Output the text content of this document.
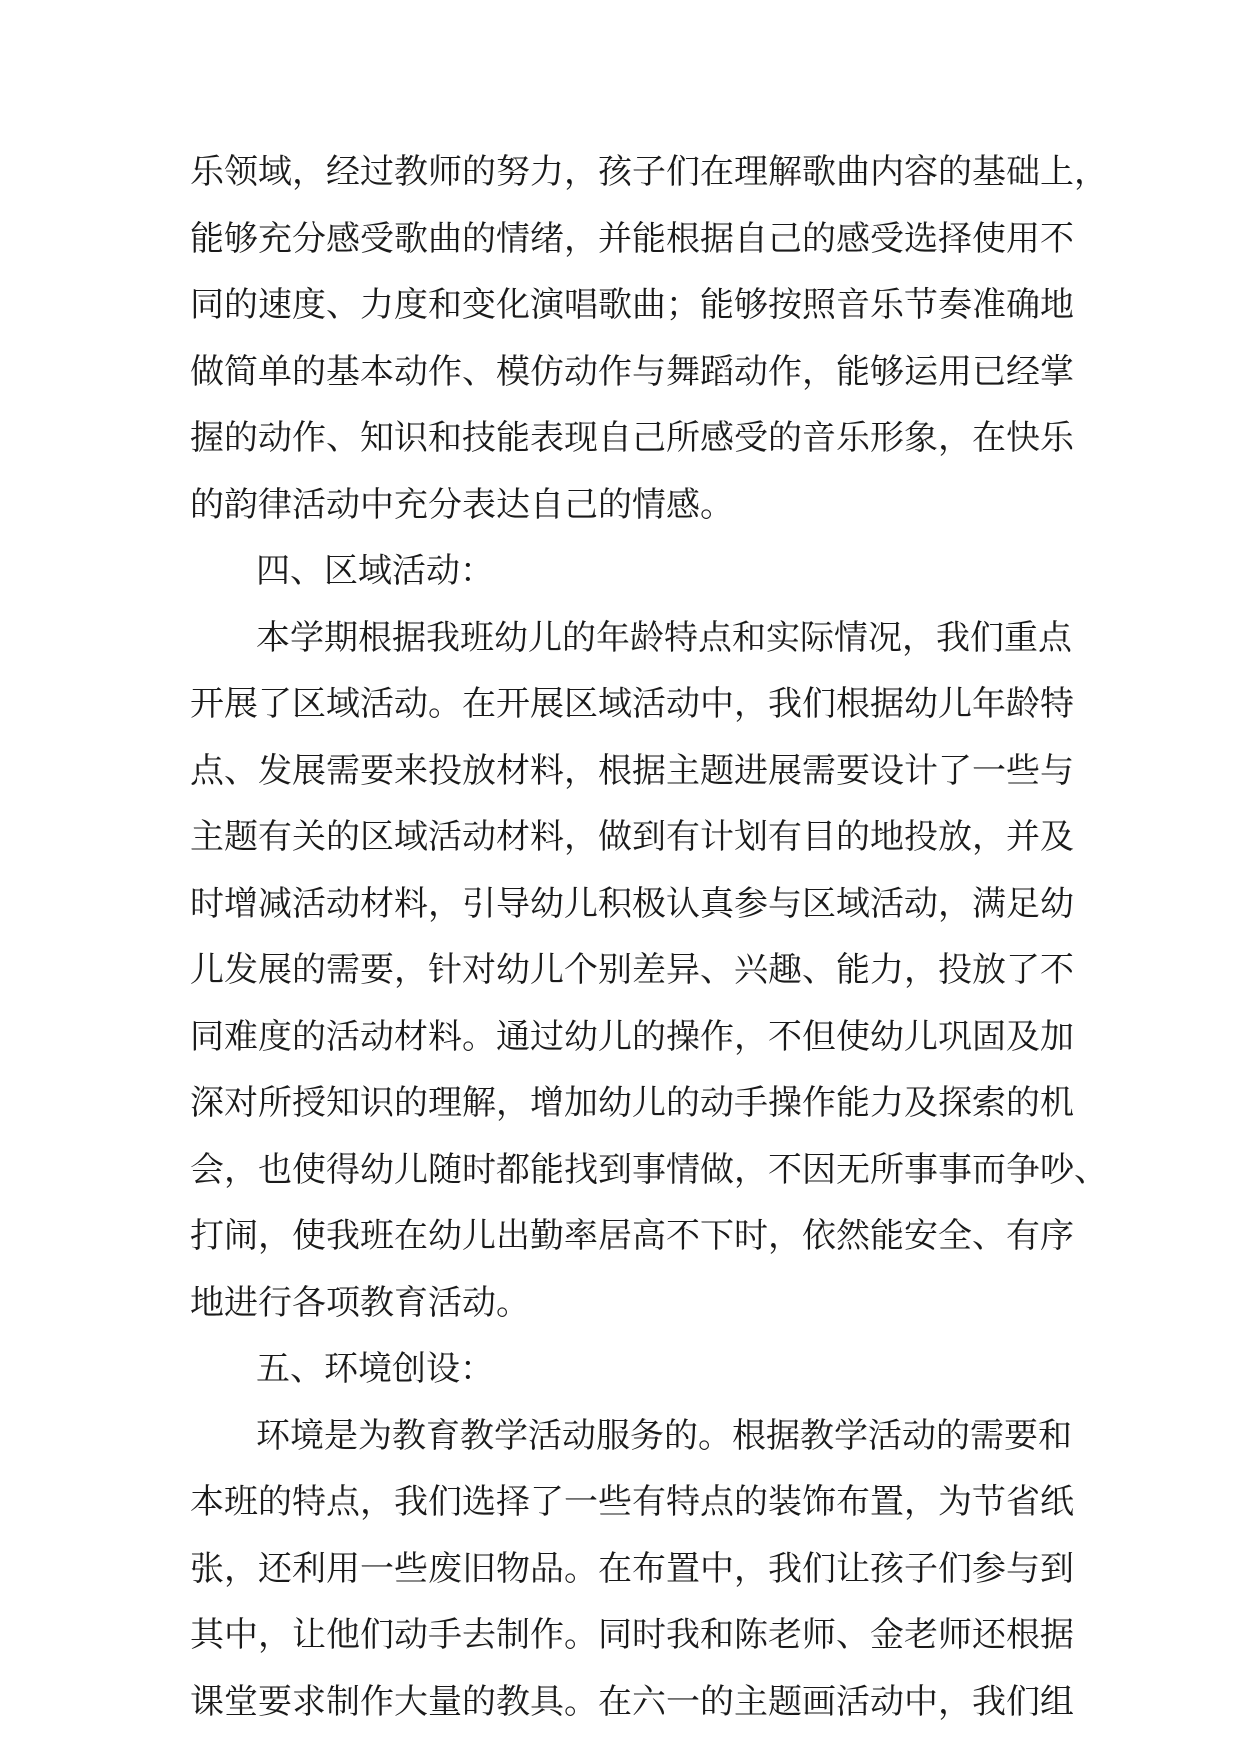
乐领域，经过教师的努力，孩子们在理解歌曲内容的基础上，
能够充分感受歌曲的情绪，并能根据自己的感受选择使用不
同的速度、力度和变化演唱歌曲；能够按照音乐节奏准确地
做简单的基本动作、模仿动作与舞蹈动作，能够运用已经掌
握的动作、知识和技能表现自己所感受的音乐形象，在快乐
的韵律活动中充分表达自己的情感。
四、区域活动：
本学期根据我班幼儿的年龄特点和实际情况，我们重点
开展了区域活动。在开展区域活动中，我们根据幼儿年龄特
点、发展需要来投放材料，根据主题进展需要设计了一些与
主题有关的区域活动材料，做到有计划有目的地投放，并及
时增减活动材料，引导幼儿积极认真参与区域活动，满足幼
儿发展的需要，针对幼儿个别差异、兴趣、能力，投放了不
同难度的活动材料。通过幼儿的操作，不但使幼儿巩固及加
深对所授知识的理解，增加幼儿的动手操作能力及探索的机
会，也使得幼儿随时都能找到事情做，不因无所事事而争吵、
打闹，使我班在幼儿出勤率居高不下时，依然能安全、有序
地进行各项教育活动。
五、环境创设：
环境是为教育教学活动服务的。根据教学活动的需要和
本班的特点，我们选择了一些有特点的装饰布置，为节省纸
张，还利用一些废旧物品。在布置中，我们让孩子们参与到
其中，让他们动手去制作。同时我和陈老师、金老师还根据
课堂要求制作大量的教具。在六一的主题画活动中，我们组
